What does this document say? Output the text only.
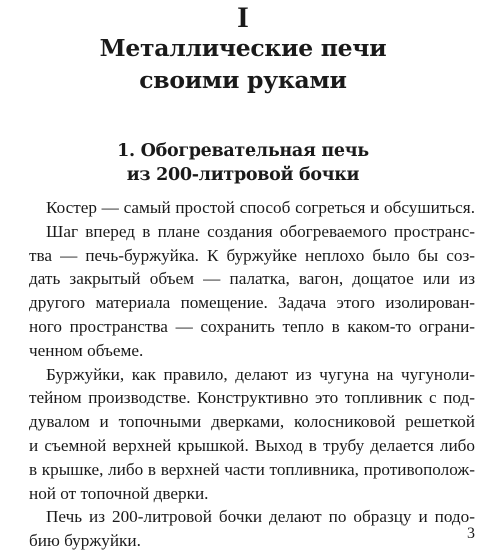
I
Металлические печи
своими руками
1. Обогревательная печь
из 200-литровой бочки
Костер — самый простой способ согреться и обсушиться.
Шаг вперед в плане создания обогреваемого пространс-
тва — печь-буржуйка. К буржуйке неплохо было бы соз-
дать закрытый объем — палатка, вагон, дощатое или из
другого материала помещение. Задача этого изолирован-
ного пространства — сохранить тепло в каком-то ограни-
ченном объеме.
Буржуйки, как правило, делают из чугуна на чугуноли-
тейном производстве. Конструктивно это топливник с под-
дувалом и топочными дверками, колосниковой решеткой
и съемной верхней крышкой. Выход в трубу делается либо
в крышке, либо в верхней части топливника, противополож-
ной от топочной дверки.
Печь из 200-литровой бочки делают по образцу и подо-
бию буржуйки.	3
